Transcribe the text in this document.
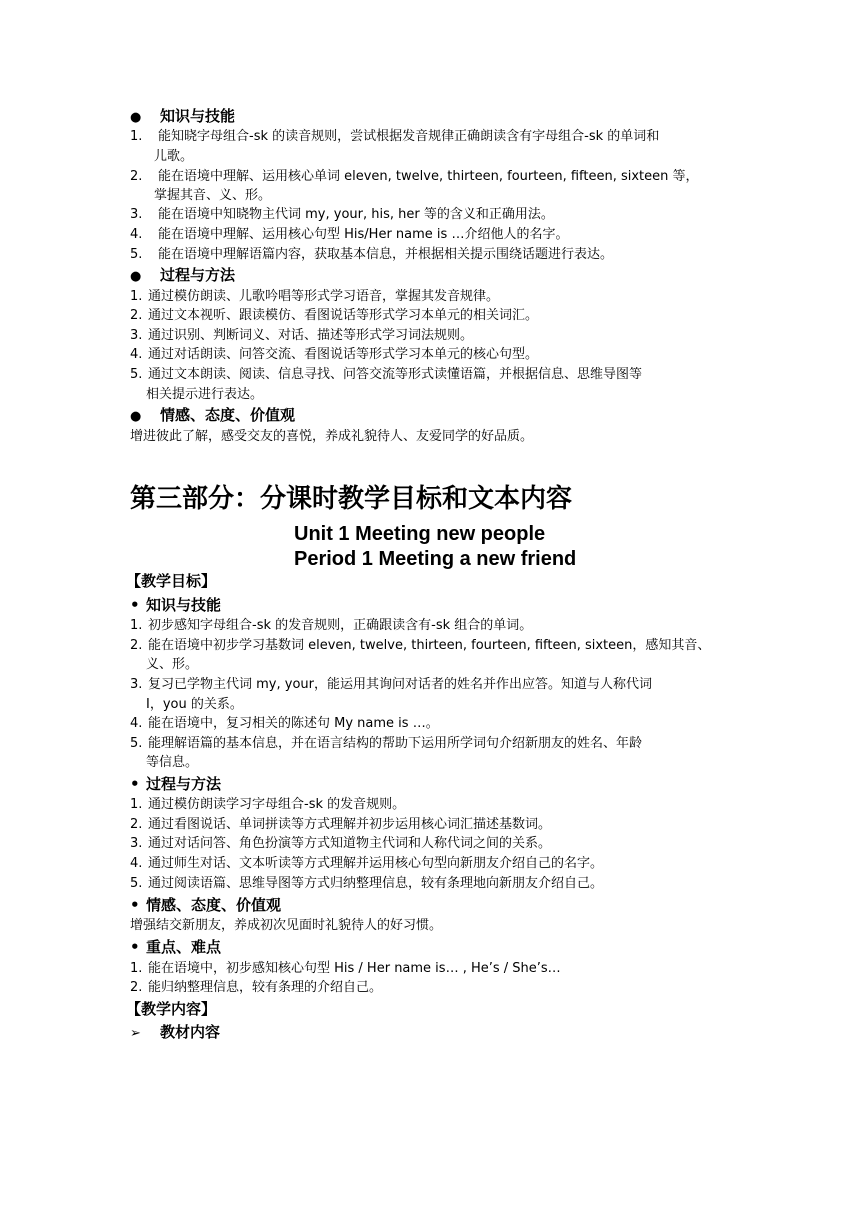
● 知识与技能
1. 能知晓字母组合-sk 的读音规则，尝试根据发音规律正确朗读含有字母组合-sk 的单词和
儿歌。
2. 能在语境中理解、运用核心单词 eleven, twelve, thirteen, fourteen, fifteen, sixteen 等，
掌握其音、义、形。
3. 能在语境中知晓物主代词 my, your, his, her 等的含义和正确用法。
4. 能在语境中理解、运用核心句型 His/Her name is …介绍他人的名字。
5. 能在语境中理解语篇内容，获取基本信息，并根据相关提示围绕话题进行表达。
● 过程与方法
1. 通过模仿朗读、儿歌吟唱等形式学习语音，掌握其发音规律。
2. 通过文本视听、跟读模仿、看图说话等形式学习本单元的相关词汇。
3. 通过识别、判断词义、对话、描述等形式学习词法规则。
4. 通过对话朗读、问答交流、看图说话等形式学习本单元的核心句型。
5. 通过文本朗读、阅读、信息寻找、问答交流等形式读懂语篇，并根据信息、思维导图等
相关提示进行表达。
● 情感、态度、价值观
增进彼此了解，感受交友的喜悦，养成礼貌待人、友爱同学的好品质。
第三部分：分课时教学目标和文本内容
Unit 1 Meeting new people
Period 1 Meeting a new friend
【教学目标】
• 知识与技能
1. 初步感知字母组合-sk 的发音规则，正确跟读含有-sk 组合的单词。
2. 能在语境中初步学习基数词 eleven, twelve, thirteen, fourteen, fifteen, sixteen，感知其音、
义、形。
3. 复习已学物主代词 my, your，能运用其询问对话者的姓名并作出应答。知道与人称代词
I，you 的关系。
4. 能在语境中，复习相关的陈述句 My name is …。
5. 能理解语篇的基本信息，并在语言结构的帮助下运用所学词句介绍新朋友的姓名、年龄
等信息。
• 过程与方法
1. 通过模仿朗读学习字母组合-sk 的发音规则。
2. 通过看图说话、单词拼读等方式理解并初步运用核心词汇描述基数词。
3. 通过对话问答、角色扮演等方式知道物主代词和人称代词之间的关系。
4. 通过师生对话、文本听读等方式理解并运用核心句型向新朋友介绍自己的名字。
5. 通过阅读语篇、思维导图等方式归纳整理信息，较有条理地向新朋友介绍自己。
• 情感、态度、价值观
增强结交新朋友，养成初次见面时礼貌待人的好习惯。
• 重点、难点
1. 能在语境中，初步感知核心句型 His / Her name is… , He’s / She’s…
2. 能归纳整理信息，较有条理的介绍自己。
【教学内容】
➢ 教材内容
